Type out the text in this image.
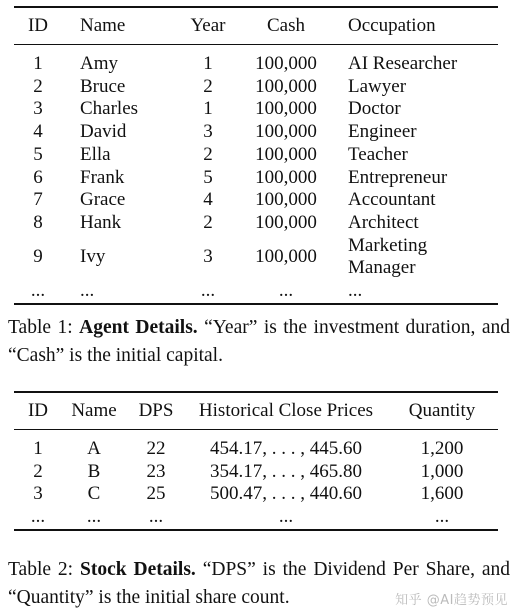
ID	Name	Year	Cash	Occupation
1	Amy	1	100,000	AI Researcher
2	Bruce	2	100,000	Lawyer
3	Charles	1	100,000	Doctor
4	David	3	100,000	Engineer
5	Ella	2	100,000	Teacher
6	Frank	5	100,000	Entrepreneur
7	Grace	4	100,000	Accountant
8	Hank	2	100,000	Architect
9	Ivy	3	100,000	Marketing Manager
...	...	...	...	...
Table 1: Agent Details. “Year” is the investment duration, and “Cash” is the initial capital.
ID	Name	DPS	Historical Close Prices	Quantity
1	A	22	454.17, . . . , 445.60	1,200
2	B	23	354.17, . . . , 465.80	1,000
3	C	25	500.47, . . . , 440.60	1,600
...	...	...	...	...
Table 2: Stock Details. “DPS” is the Dividend Per Share, and “Quantity” is the initial share count.	知乎 @AI趋势预见
